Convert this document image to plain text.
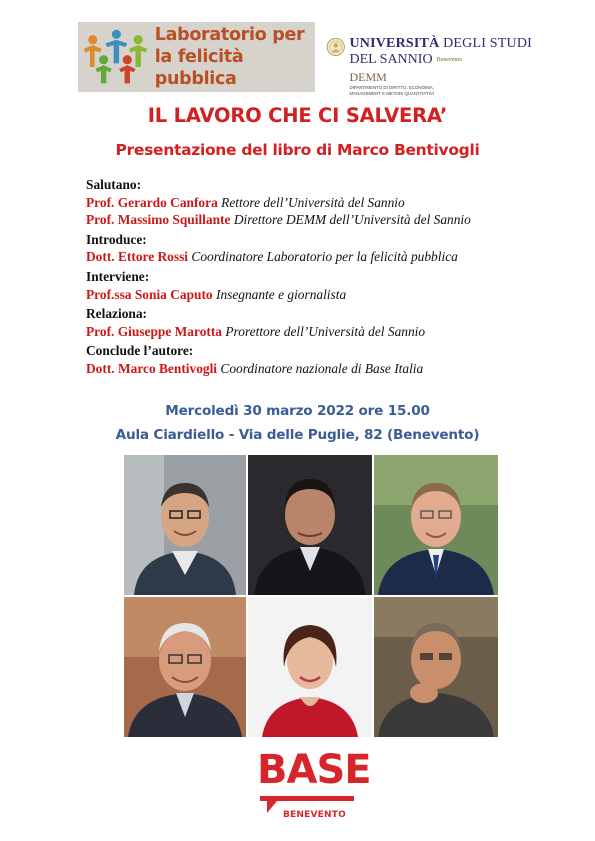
Laboratorio per
la felicità pubblica
UNIVERSITÀ DEGLI STUDI
DEL SANNIO Benevento
DEMM
DIPARTIMENTO DI DIRITTO, ECONOMIA,
MANAGEMENT E METODI QUANTITATIVI
IL LAVORO CHE CI SALVERA’
Presentazione del libro di Marco Bentivogli
Salutano:
Prof. Gerardo Canfora Rettore dell’Università del Sannio
Prof. Massimo Squillante Direttore DEMM dell’Università del Sannio
Introduce:
Dott. Ettore Rossi Coordinatore Laboratorio per la felicità pubblica
Interviene:
Prof.ssa Sonia Caputo Insegnante e giornalista
Relaziona:
Prof. Giuseppe Marotta Prorettore dell’Università del Sannio
Conclude l’autore:
Dott. Marco Bentivogli Coordinatore nazionale di Base Italia
Mercoledì 30 marzo 2022 ore 15.00
Aula Ciardiello - Via delle Puglie, 82 (Benevento)
BASE
BENEVENTO
